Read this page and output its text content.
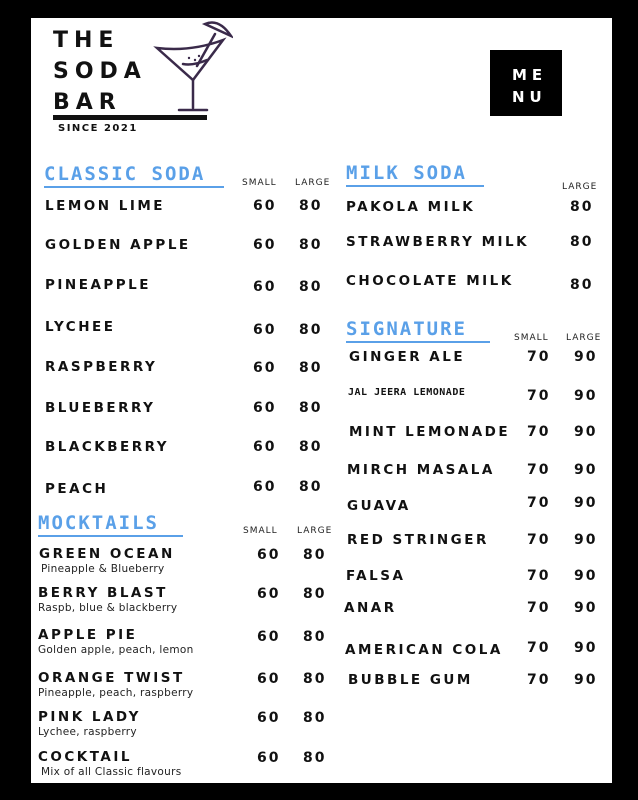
THE
SODA
BAR
SINCE 2021
ME
NU
CLASSIC SODA	SMALL LARGE
LEMON LIME	60 80
GOLDEN APPLE	60 80
PINEAPPLE	60 80
LYCHEE	60 80
RASPBERRY	60 80
BLUEBERRY	60 80
BLACKBERRY	60 80
PEACH	60 80
MOCKTAILS	SMALL LARGE
GREEN OCEAN
Pineapple & Blueberry
60 80
BERRY BLAST
Raspb, blue & blackberry
60 80
APPLE PIE
Golden apple, peach, lemon
60 80
ORANGE TWIST
Pineapple, peach, raspberry
60 80
PINK LADY
Lychee, raspberry
60 80
COCKTAIL
Mix of all Classic flavours
60 80
MILK SODA
LARGE
PAKOLA MILK	80
STRAWBERRY MILK	80
CHOCOLATE MILK	80
SIGNATURE	SMALL LARGE
GINGER ALE	70 90
JAL JEERA LEMONADE	70 90
MINT LEMONADE 70 90
MIRCH MASALA 70 90
GUAVA	70 90
RED STRINGER	70 90
FALSA	70 90
ANAR	70 90
AMERICAN COLA 70 90
BUBBLE GUM	70 90
